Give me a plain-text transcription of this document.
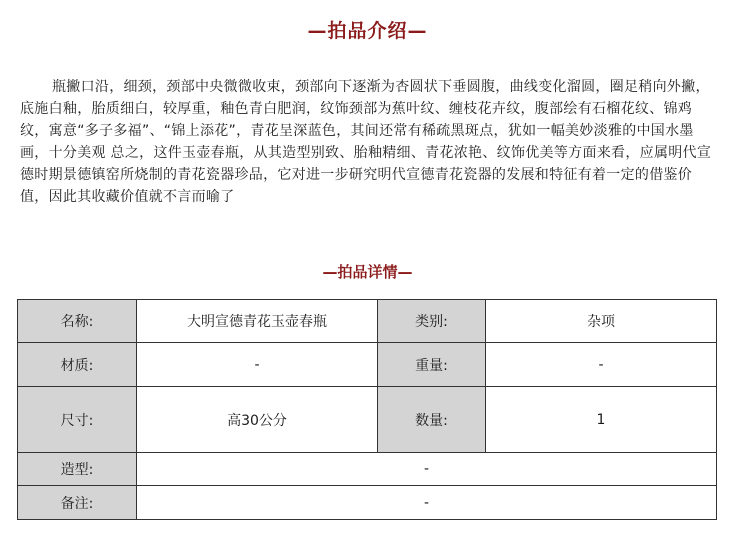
—拍品介绍—

瓶撇口沿，细颈，颈部中央微微收束，颈部向下逐渐为杏圆状下垂圆腹，曲线变化溜圆，圈足稍向外撇，底施白釉，胎质细白，较厚重，釉色青白肥润，纹饰颈部为蕉叶纹、缠枝花卉纹，腹部绘有石榴花纹、锦鸡纹，寓意“多子多福”、“锦上添花”，青花呈深蓝色，其间还常有稀疏黑斑点，犹如一幅美妙淡雅的中国水墨画，十分美观 总之，这件玉壶春瓶，从其造型别致、胎釉精细、青花浓艳、纹饰优美等方面来看，应属明代宣德时期景德镇窑所烧制的青花瓷器珍品，它对进一步研究明代宣德青花瓷器的发展和特征有着一定的借鉴价值，因此其收藏价值就不言而喻了

—拍品详情—
名称:	大明宣德青花玉壶春瓶	类别:	杂项
材质:	-	重量:	-
尺寸:	高30公分	数量:	1
造型:	-		
备注:	-		
